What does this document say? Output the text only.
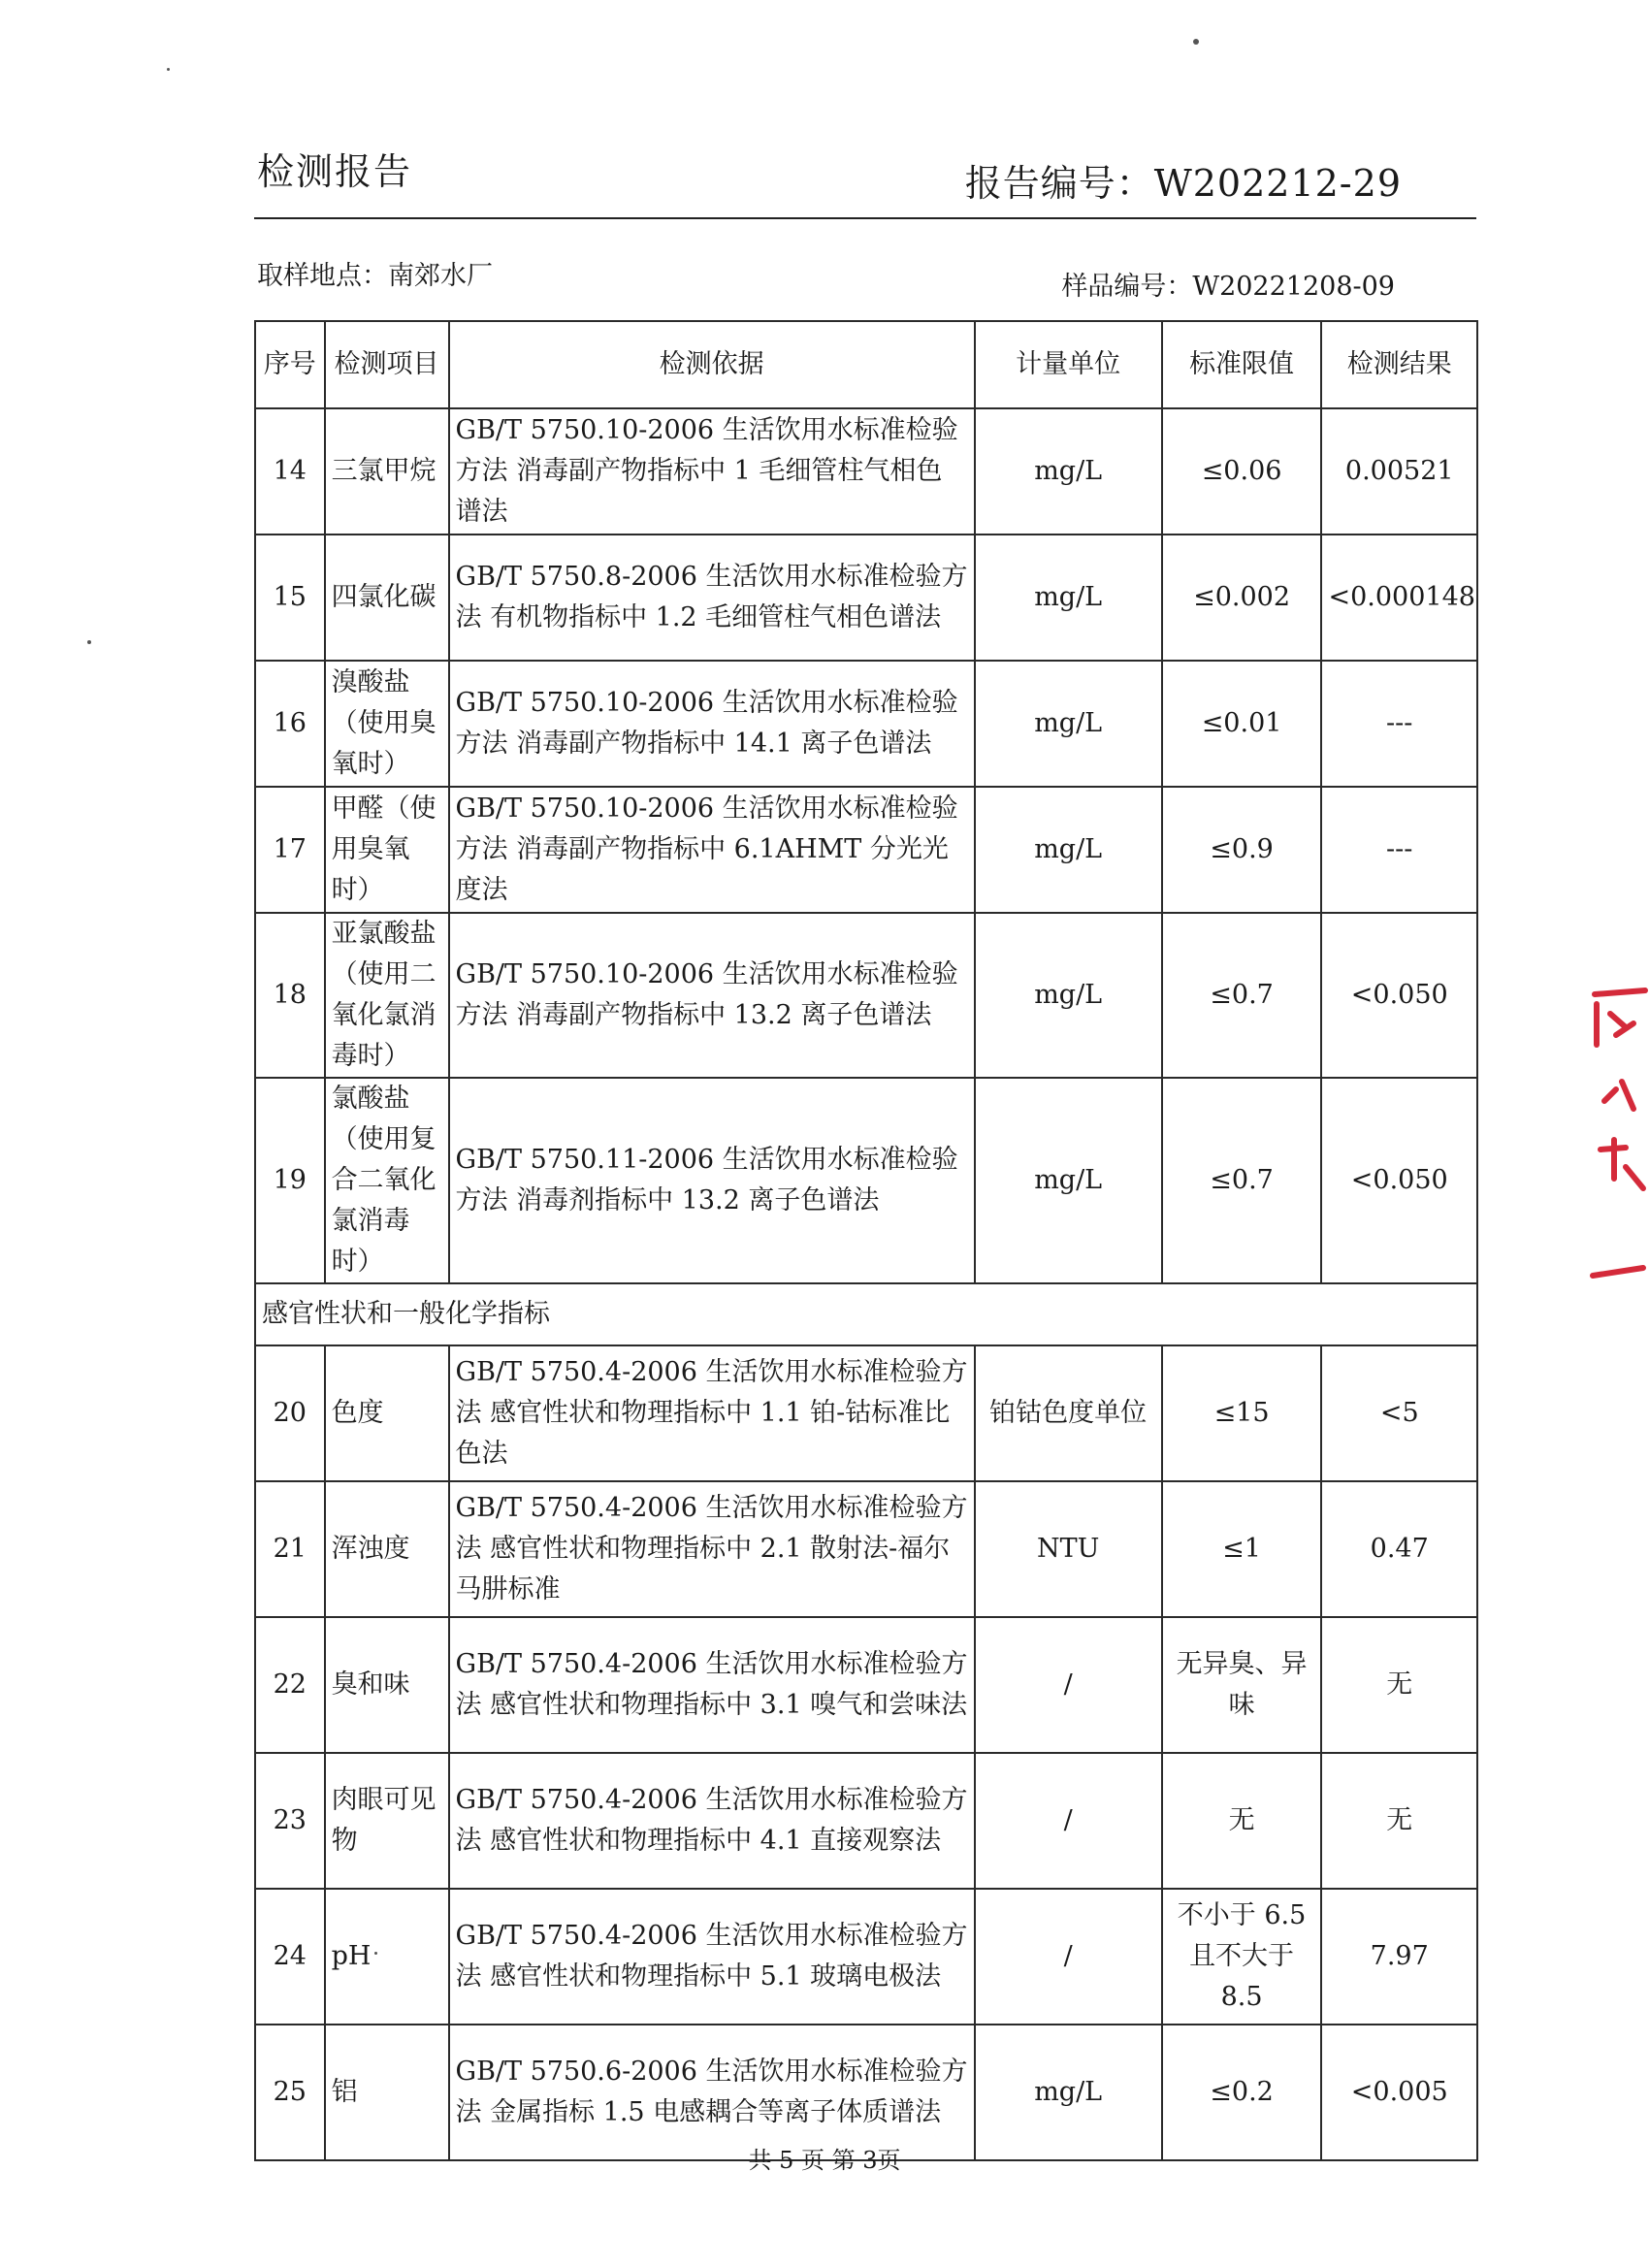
检测报告	报告编号：W202212-29
取样地点：南郊水厂	样品编号：W20221208-09
序号	检测项目	检测依据	计量单位	标准限值	检测结果
14	三氯甲烷	GB/T 5750.10-2006 生活饮用水标准检验方法 消毒副产物指标中 1 毛细管柱气相色谱法	mg/L	≤0.06	0.00521
15	四氯化碳	GB/T 5750.8-2006 生活饮用水标准检验方法 有机物指标中 1.2 毛细管柱气相色谱法	mg/L	≤0.002	<0.000148
16	溴酸盐（使用臭氧时）	GB/T 5750.10-2006 生活饮用水标准检验方法 消毒副产物指标中 14.1 离子色谱法	mg/L	≤0.01	---
17	甲醛（使用臭氧时）	GB/T 5750.10-2006 生活饮用水标准检验方法 消毒副产物指标中 6.1AHMT 分光光度法	mg/L	≤0.9	---
18	亚氯酸盐（使用二氧化氯消毒时）	GB/T 5750.10-2006 生活饮用水标准检验方法 消毒副产物指标中 13.2 离子色谱法	mg/L	≤0.7	<0.050
19	氯酸盐（使用复合二氧化氯消毒时）	GB/T 5750.11-2006 生活饮用水标准检验方法 消毒剂指标中 13.2 离子色谱法	mg/L	≤0.7	<0.050
感官性状和一般化学指标					
20	色度	GB/T 5750.4-2006 生活饮用水标准检验方法 感官性状和物理指标中 1.1 铂-钴标准比色法	铂钴色度单位	≤15	<5
21	浑浊度	GB/T 5750.4-2006 生活饮用水标准检验方法 感官性状和物理指标中 2.1 散射法-福尔马肼标准	NTU	≤1	0.47
22	臭和味	GB/T 5750.4-2006 生活饮用水标准检验方法 感官性状和物理指标中 3.1 嗅气和尝味法	/	无异臭、异味	无
23	肉眼可见物	GB/T 5750.4-2006 生活饮用水标准检验方法 感官性状和物理指标中 4.1 直接观察法	/	无	无
24	pH	GB/T 5750.4-2006 生活饮用水标准检验方法 感官性状和物理指标中 5.1 玻璃电极法	/	不小于 6.5 且不大于 8.5	7.97
25	铝	GB/T 5750.6-2006 生活饮用水标准检验方法 金属指标 1.5 电感耦合等离子体质谱法	mg/L	≤0.2	<0.005
共 5 页 第 3页
